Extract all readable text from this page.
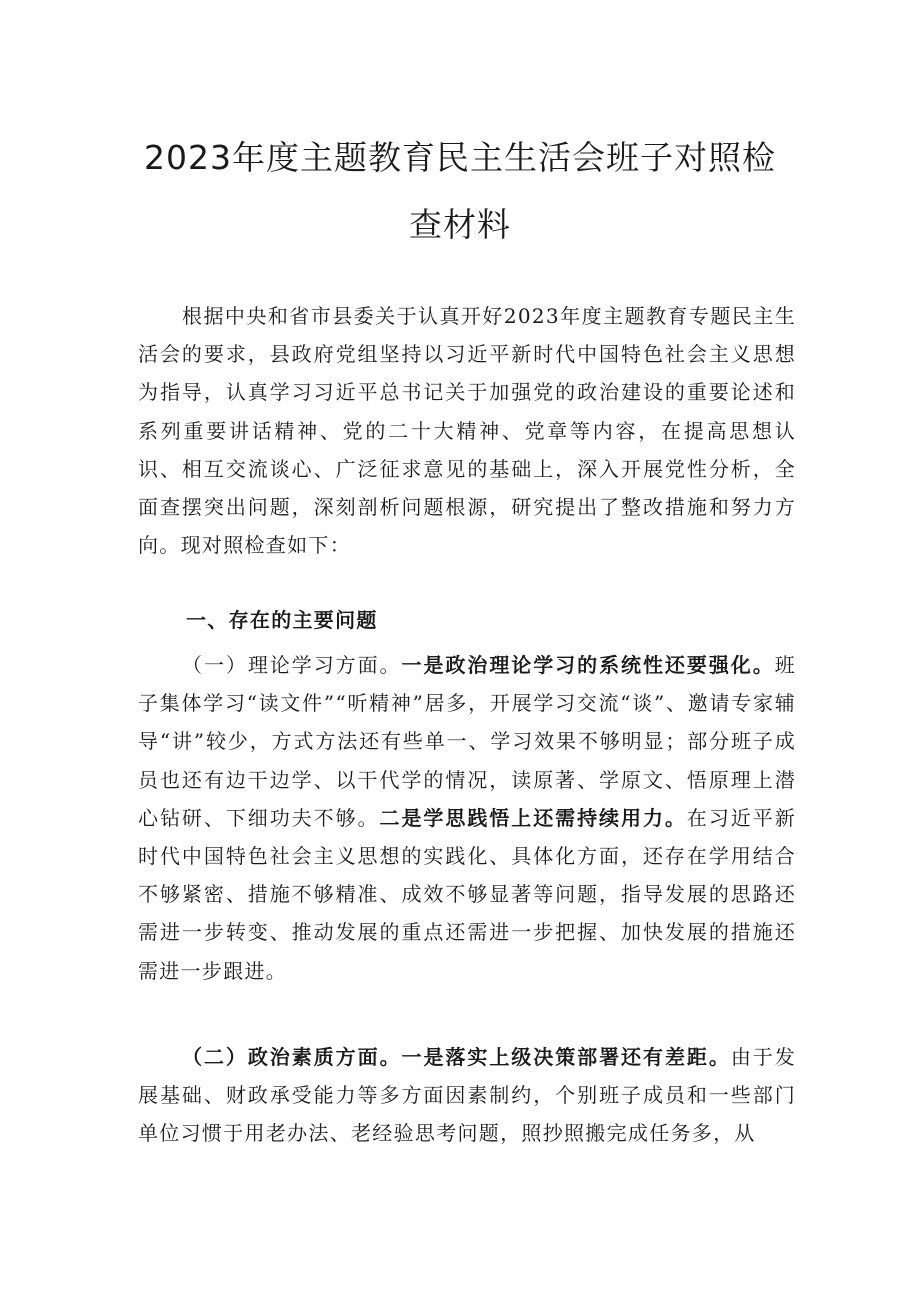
2023年度主题教育民主生活会班子对照检
查材料

根据中央和省市县委关于认真开好2023年度主题教育专题民主生活会的要求，县政府党组坚持以习近平新时代中国特色社会主义思想为指导，认真学习习近平总书记关于加强党的政治建设的重要论述和系列重要讲话精神、党的二十大精神、党章等内容，在提高思想认识、相互交流谈心、广泛征求意见的基础上，深入开展党性分析，全面查摆突出问题，深刻剖析问题根源，研究提出了整改措施和努力方向。现对照检查如下：

一、存在的主要问题

（一）理论学习方面。一是政治理论学习的系统性还要强化。班子集体学习“读文件”“听精神”居多，开展学习交流“谈”、邀请专家辅导“讲”较少，方式方法还有些单一、学习效果不够明显；部分班子成员也还有边干边学、以干代学的情况，读原著、学原文、悟原理上潜心钻研、下细功夫不够。二是学思践悟上还需持续用力。在习近平新时代中国特色社会主义思想的实践化、具体化方面，还存在学用结合不够紧密、措施不够精准、成效不够显著等问题，指导发展的思路还需进一步转变、推动发展的重点还需进一步把握、加快发展的措施还需进一步跟进。

（二）政治素质方面。一是落实上级决策部署还有差距。由于发展基础、财政承受能力等多方面因素制约，个别班子成员和一些部门单位习惯于用老办法、老经验思考问题，照抄照搬完成任务多，从
